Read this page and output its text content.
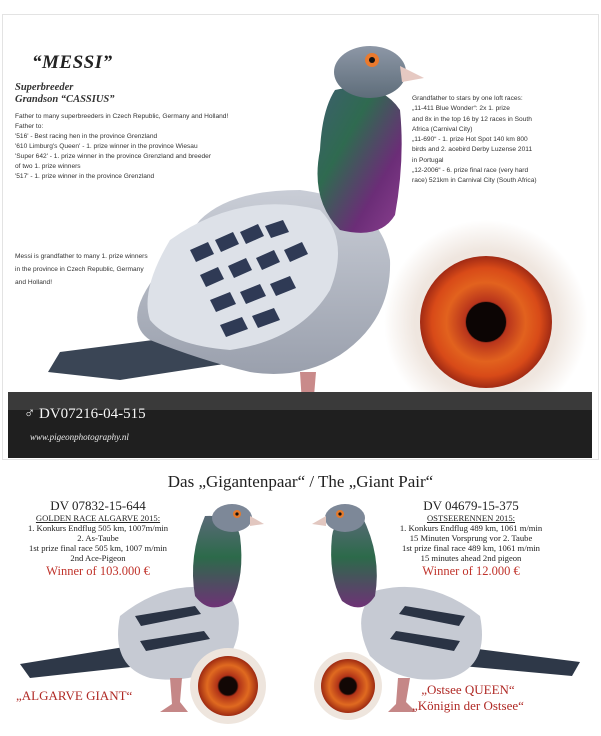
“MESSI”
Superbreeder
Grandson “CASSIUS”
Father to many superbreeders in Czech Republic, Germany and Holland!
Father to:
'516' - Best racing hen in the province Grenzland
'610 Limburg's Queen' - 1. prize winner in the province Wiesau
'Super 642' - 1. prize winner in the province Grenzland and breeder
of two 1. prize winners
'517' - 1. prize winner in the province Grenzland
Messi is grandfather to many 1. prize winners
in the province in Czech Republic, Germany
and Holland!
Grandfather to stars by one loft races:
„11-411 Blue Wonder“: 2x 1. prize
and 8x in the top 16 by 12 races in South
Africa (Carnival City)
„11-690“ - 1. prize Hot Spot 140 km 800
birds and 2. acebird Derby Luzense 2011
in Portugal
„12-2006“ - 6. prize final race (very hard
race) 521km in Carnival City (South Africa)
♂ DV07216-04-515
www.pigeonphotography.nl
Das „Gigantenpaar“ / The „Giant Pair“
DV 07832-15-644
GOLDEN RACE ALGARVE 2015:
1. Konkurs Endflug 505 km, 1007m/min
2. As-Taube
1st prize final race 505 km, 1007 m/min
2nd Ace-Pigeon
Winner of 103.000 €
DV 04679-15-375
OSTSEERENNEN 2015:
1. Konkurs Endflug 489 km, 1061 m/min
15 Minuten Vorsprung vor 2. Taube
1st prize final race 489 km, 1061 m/min
15 minutes ahead 2nd pigeon
Winner of 12.000 €
„ALGARVE GIANT“	„Ostsee QUEEN“
„Königin der Ostsee“
